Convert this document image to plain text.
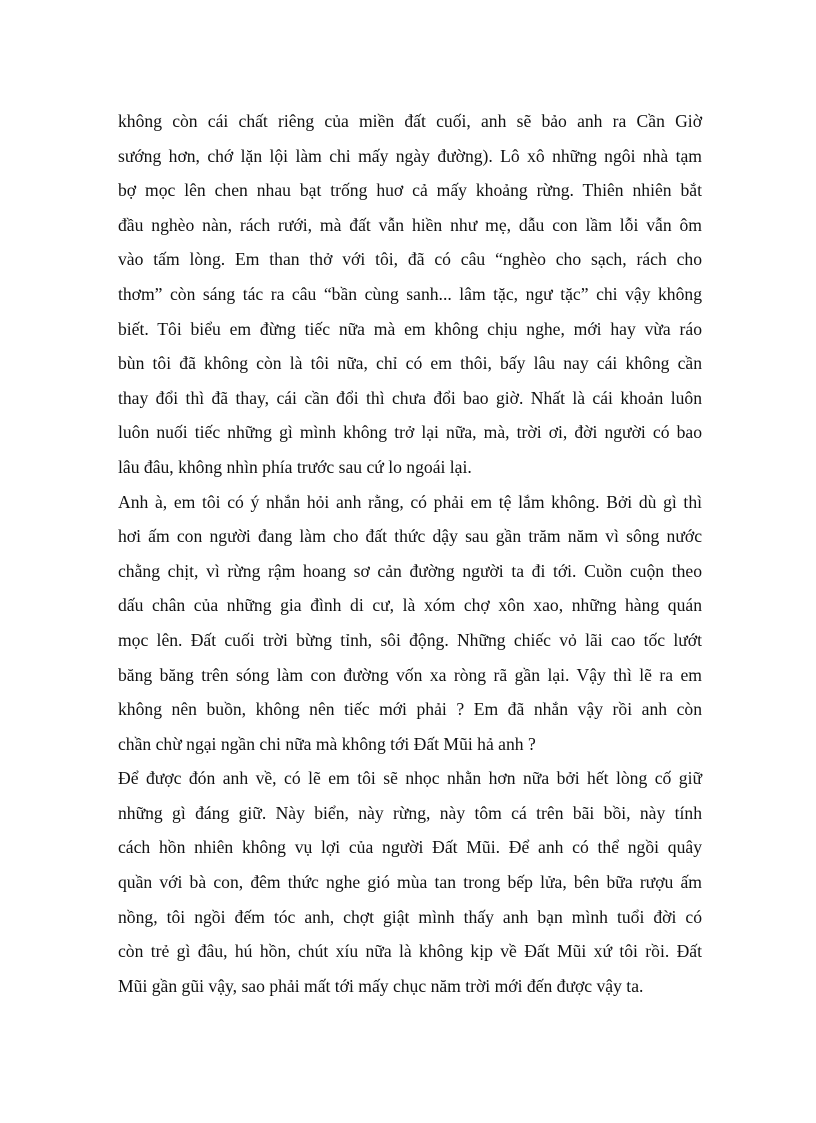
không còn cái chất riêng của miền đất cuối, anh sẽ bảo anh ra Cần Giờ
sướng hơn, chớ lặn lội làm chi mấy ngày đường). Lô xô những ngôi nhà tạm
bợ mọc lên chen nhau bạt trống huơ cả mấy khoảng rừng. Thiên nhiên bắt
đầu nghèo nàn, rách rưới, mà đất vẫn hiền như mẹ, dẫu con lầm lỗi vẫn ôm
vào tấm lòng. Em than thở với tôi, đã có câu “nghèo cho sạch, rách cho
thơm” còn sáng tác ra câu “bần cùng sanh... lâm tặc, ngư tặc” chi vậy không
biết. Tôi biểu em đừng tiếc nữa mà em không chịu nghe, mới hay vừa ráo
bùn tôi đã không còn là tôi nữa, chỉ có em thôi, bấy lâu nay cái không cần
thay đổi thì đã thay, cái cần đổi thì chưa đổi bao giờ. Nhất là cái khoản luôn
luôn nuối tiếc những gì mình không trở lại nữa, mà, trời ơi, đời người có bao
lâu đâu, không nhìn phía trước sau cứ lo ngoái lại.
Anh à, em tôi có ý nhắn hỏi anh rằng, có phải em tệ lắm không. Bởi dù gì thì
hơi ấm con người đang làm cho đất thức dậy sau gần trăm năm vì sông nước
chằng chịt, vì rừng rậm hoang sơ cản đường người ta đi tới. Cuồn cuộn theo
dấu chân của những gia đình di cư, là xóm chợ xôn xao, những hàng quán
mọc lên. Đất cuối trời bừng tỉnh, sôi động. Những chiếc vỏ lãi cao tốc lướt
băng băng trên sóng làm con đường vốn xa ròng rã gần lại. Vậy thì lẽ ra em
không nên buồn, không nên tiếc mới phải ? Em đã nhắn vậy rồi anh còn
chần chừ ngại ngần chi nữa mà không tới Đất Mũi hả anh ?
Để được đón anh về, có lẽ em tôi sẽ nhọc nhằn hơn nữa bởi hết lòng cố giữ
những gì đáng giữ. Này biển, này rừng, này tôm cá trên bãi bồi, này tính
cách hồn nhiên không vụ lợi của người Đất Mũi. Để anh có thể ngồi quây
quần với bà con, đêm thức nghe gió mùa tan trong bếp lửa, bên bữa rượu ấm
nồng, tôi ngồi đếm tóc anh, chợt giật mình thấy anh bạn mình tuổi đời có
còn trẻ gì đâu, hú hồn, chút xíu nữa là không kịp về Đất Mũi xứ tôi rồi. Đất
Mũi gần gũi vậy, sao phải mất tới mấy chục năm trời mới đến được vậy ta.
